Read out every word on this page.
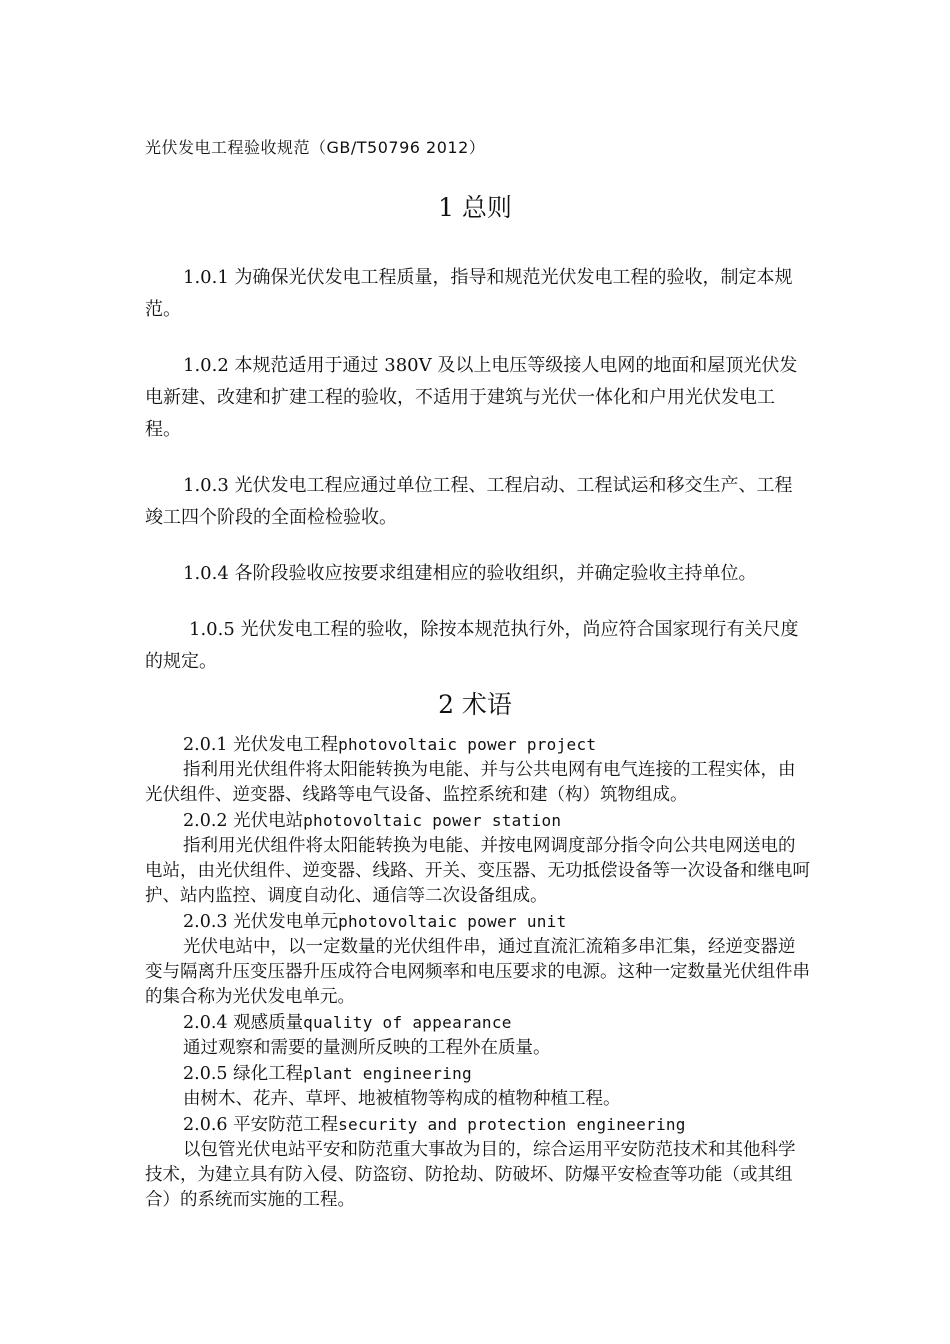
光伏发电工程验收规范（GB/T50796 2012）
1 总则

1.0.1 为确保光伏发电工程质量，指导和规范光伏发电工程的验收，制定本规范。

1.0.2 本规范适用于通过 380V 及以上电压等级接人电网的地面和屋顶光伏发电新建、改建和扩建工程的验收，不适用于建筑与光伏一体化和户用光伏发电工程。

1.0.3 光伏发电工程应通过单位工程、工程启动、工程试运和移交生产、工程竣工四个阶段的全面检检验收。

1.0.4 各阶段验收应按要求组建相应的验收组织，并确定验收主持单位。

1.0.5 光伏发电工程的验收，除按本规范执行外，尚应符合国家现行有关尺度的规定。

2 术语

2.0.1 光伏发电工程photovoltaic power project

指利用光伏组件将太阳能转换为电能、并与公共电网有电气连接的工程实体，由光伏组件、逆变器、线路等电气设备、监控系统和建（构）筑物组成。

2.0.2 光伏电站photovoltaic power station

指利用光伏组件将太阳能转换为电能、并按电网调度部分指令向公共电网送电的电站，由光伏组件、逆变器、线路、开关、变压器、无功抵偿设备等一次设备和继电呵护、站内监控、调度自动化、通信等二次设备组成。

2.0.3 光伏发电单元photovoltaic power unit

光伏电站中，以一定数量的光伏组件串，通过直流汇流箱多串汇集，经逆变器逆变与隔离升压变压器升压成符合电网频率和电压要求的电源。这种一定数量光伏组件串的集合称为光伏发电单元。

2.0.4 观感质量quality of appearance

通过观察和需要的量测所反映的工程外在质量。

2.0.5 绿化工程plant engineering

由树木、花卉、草坪、地被植物等构成的植物种植工程。

2.0.6 平安防范工程security and protection engineering

以包管光伏电站平安和防范重大事故为目的，综合运用平安防范技术和其他科学技术，为建立具有防入侵、防盗窃、防抢劫、防破坏、防爆平安检查等功能（或其组合）的系统而实施的工程。
